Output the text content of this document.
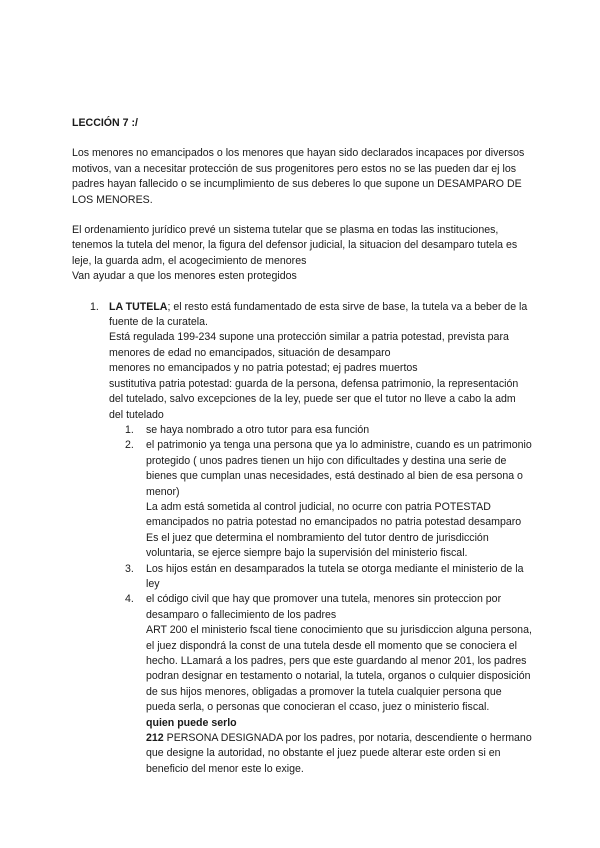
LECCIÓN 7 :/

Los menores no emancipados o los menores que hayan sido declarados incapaces por diversos motivos, van a necesitar protección de sus progenitores pero estos no se las pueden dar ej los padres hayan fallecido o se incumplimiento de sus deberes lo que supone un DESAMPARO DE LOS MENORES.

El ordenamiento jurídico prevé un sistema tutelar que se plasma en todas las instituciones, tenemos la tutela del menor, la figura del defensor judicial, la situacion del desamparo tutela es leje, la guarda adm, el acogecimiento de menores

Van ayudar a que los menores esten protegidos

1. LA TUTELA; el resto está fundamentado de esta sirve de base, la tutela va a beber de la fuente de la curatela.

Está regulada 199-234 supone una protección similar a patria potestad, prevista para menores de edad no emancipados, situación de desamparo

menores no emancipados y no patria potestad; ej padres muertos

sustitutiva patria potestad: guarda de la persona, defensa patrimonio, la representación del tutelado, salvo excepciones de la ley, puede ser que el tutor no lleve a cabo la adm del tutelado

1. se haya nombrado a otro tutor para esa función

2. el patrimonio ya tenga una persona que ya lo administre, cuando es un patrimonio protegido ( unos padres tienen un hijo con dificultades y destina una serie de bienes que cumplan unas necesidades, está destinado al bien de esa persona o menor)

La adm está sometida al control judicial, no ocurre con patria POTESTAD emancipados no patria potestad no emancipados no patria potestad desamparo

Es el juez que determina el nombramiento del tutor dentro de jurisdicción voluntaria, se ejerce siempre bajo la supervisión del ministerio fiscal.

3. Los hijos están en desamparados la tutela se otorga mediante el ministerio de la ley

4. el código civil que hay que promover una tutela, menores sin proteccion por desamparo o fallecimiento de los padres

ART 200 el ministerio fscal tiene conocimiento que su jurisdiccion alguna persona, el juez dispondrá la const de una tutela desde ell momento que se conociera el hecho. LLamará a los padres, pers que este guardando al menor 201, los padres podran designar en testamento o notarial, la tutela, organos o culquier disposición de sus hijos menores, obligadas a promover la tutela cualquier persona que pueda serla, o personas que conocieran el ccaso, juez o ministerio fiscal.

quien puede serlo

212 PERSONA DESIGNADA por los padres, por notaria, descendiente o hermano que designe la autoridad, no obstante el juez puede alterar este orden si en beneficio del menor este lo exige.
